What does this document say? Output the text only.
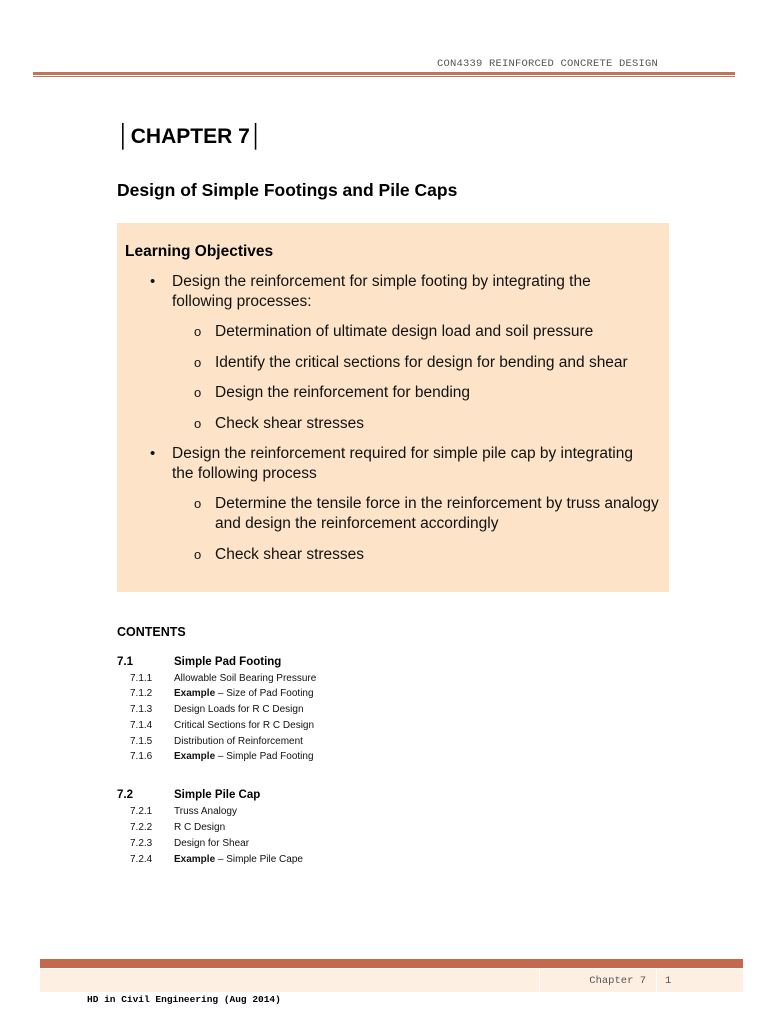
CON4339 REINFORCED CONCRETE DESIGN
│CHAPTER 7│
Design of Simple Footings and Pile Caps
Learning Objectives
• Design the reinforcement for simple footing by integrating the following processes:
o Determination of ultimate design load and soil pressure
o Identify the critical sections for design for bending and shear
o Design the reinforcement for bending
o Check shear stresses
• Design the reinforcement required for simple pile cap by integrating the following process
o Determine the tensile force in the reinforcement by truss analogy and design the reinforcement accordingly
o Check shear stresses
CONTENTS
7.1	Simple Pad Footing
7.1.1 Allowable Soil Bearing Pressure
7.1.2 Example – Size of Pad Footing
7.1.3 Design Loads for R C Design
7.1.4 Critical Sections for R C Design
7.1.5 Distribution of Reinforcement
7.1.6 Example – Simple Pad Footing
7.2	Simple Pile Cap
7.2.1 Truss Analogy
7.2.2 R C Design
7.2.3 Design for Shear
7.2.4 Example – Simple Pile Cape
Chapter 7 1
HD in Civil Engineering (Aug 2014)
